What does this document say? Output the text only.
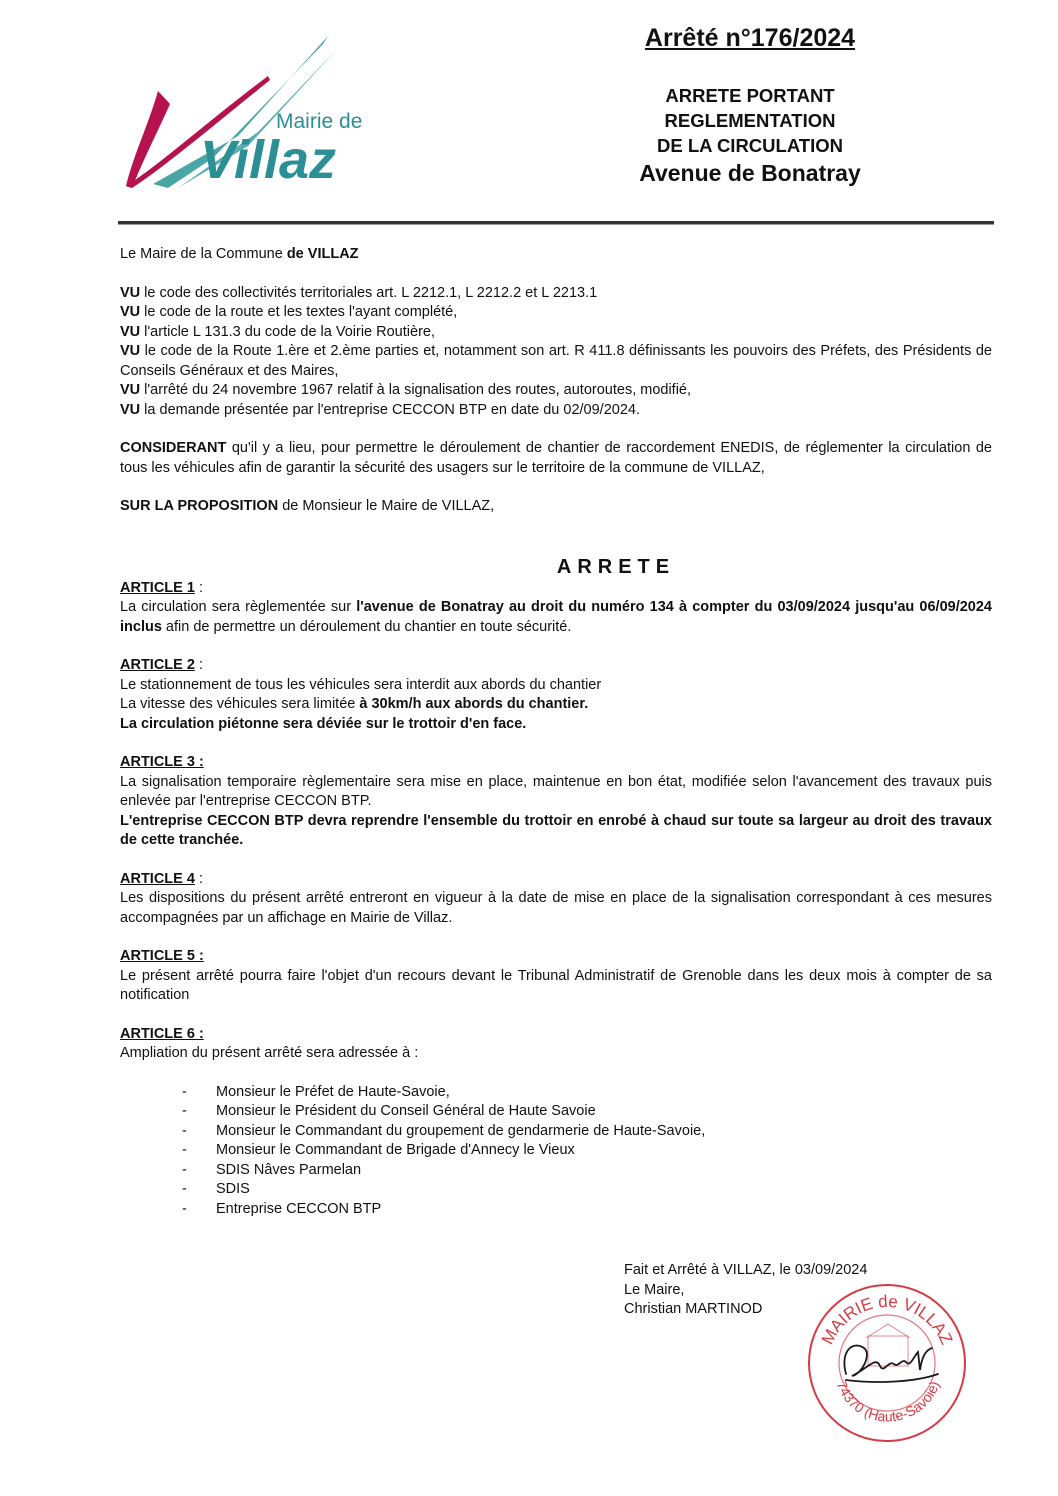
Mairie de
Villaz

Arrêté n°176/2024

ARRETE PORTANT
REGLEMENTATION
DE LA CIRCULATION
Avenue de Bonatray

Le Maire de la Commune de VILLAZ

VU le code des collectivités territoriales art. L 2212.1, L 2212.2 et L 2213.1

VU le code de la route et les textes l'ayant complété,

VU l'article L 131.3 du code de la Voirie Routière,

VU le code de la Route 1.ère et 2.ème parties et, notamment son art. R 411.8 définissants les pouvoirs des Préfets, des Présidents de Conseils Généraux et des Maires,

VU l'arrêté du 24 novembre 1967 relatif à la signalisation des routes, autoroutes, modifié,

VU la demande présentée par l'entreprise CECCON BTP en date du 02/09/2024.

CONSIDERANT qu'il y a lieu, pour permettre le déroulement de chantier de raccordement ENEDIS, de réglementer la circulation de tous les véhicules afin de garantir la sécurité des usagers sur le territoire de la commune de VILLAZ,

SUR LA PROPOSITION de Monsieur le Maire de VILLAZ,

ARRETE

ARTICLE 1 :

La circulation sera règlementée sur l'avenue de Bonatray au droit du numéro 134 à compter du 03/09/2024 jusqu'au 06/09/2024 inclus afin de permettre un déroulement du chantier en toute sécurité.

ARTICLE 2 :

Le stationnement de tous les véhicules sera interdit aux abords du chantier

La vitesse des véhicules sera limitée à 30km/h aux abords du chantier.

La circulation piétonne sera déviée sur le trottoir d'en face.

ARTICLE 3 :

La signalisation temporaire règlementaire sera mise en place, maintenue en bon état, modifiée selon l'avancement des travaux puis enlevée par l'entreprise CECCON BTP.

L'entreprise CECCON BTP devra reprendre l'ensemble du trottoir en enrobé à chaud sur toute sa largeur au droit des travaux de cette tranchée.

ARTICLE 4 :

Les dispositions du présent arrêté entreront en vigueur à la date de mise en place de la signalisation correspondant à ces mesures accompagnées par un affichage en Mairie de Villaz.

ARTICLE 5 :

Le présent arrêté pourra faire l'objet d'un recours devant le Tribunal Administratif de Grenoble dans les deux mois à compter de sa notification

ARTICLE 6 :

Ampliation du présent arrêté sera adressée à :

- Monsieur le Préfet de Haute-Savoie,
- Monsieur le Président du Conseil Général de Haute Savoie
- Monsieur le Commandant du groupement de gendarmerie de Haute-Savoie,
- Monsieur le Commandant de Brigade d'Annecy le Vieux
- SDIS Nâves Parmelan
- SDIS
- Entreprise CECCON BTP

Fait et Arrêté à VILLAZ, le 03/09/2024

Le Maire,

Christian MARTINOD

MAIRIE de VILLAZ
74370 (Haute-Savoie)
